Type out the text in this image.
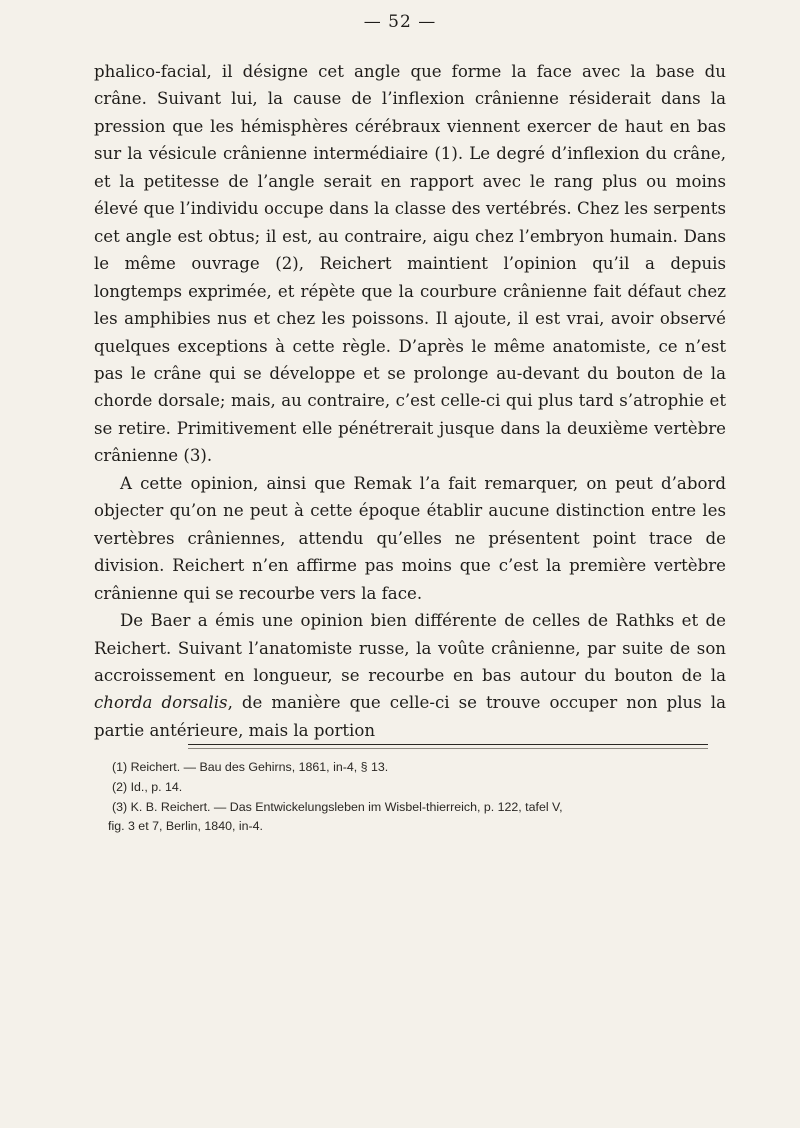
— 52 —

phalico-facial, il désigne cet angle que forme la face avec la base du crâne. Suivant lui, la cause de l’inflexion crânienne résiderait dans la pression que les hémisphères cérébraux viennent exercer de haut en bas sur la vésicule crânienne intermédiaire (1). Le degré d’inflexion du crâne, et la petitesse de l’angle serait en rapport avec le rang plus ou moins élevé que l’individu occupe dans la classe des vertébrés. Chez les serpents cet angle est obtus; il est, au contraire, aigu chez l’embryon humain. Dans le même ouvrage (2), Reichert maintient l’opinion qu’il a depuis longtemps exprimée, et répète que la courbure crânienne fait défaut chez les amphibies nus et chez les poissons. Il ajoute, il est vrai, avoir observé quelques exceptions à cette règle. D’après le même anatomiste, ce n’est pas le crâne qui se développe et se prolonge au-devant du bouton de la chorde dorsale; mais, au contraire, c’est celle-ci qui plus tard s’atrophie et se retire. Primitivement elle pénétrerait jusque dans la deuxième vertèbre crânienne (3).

A cette opinion, ainsi que Remak l’a fait remarquer, on peut d’abord objecter qu’on ne peut à cette époque établir aucune distinction entre les vertèbres crâniennes, attendu qu’elles ne présentent point trace de division. Reichert n’en affirme pas moins que c’est la première vertèbre crânienne qui se recourbe vers la face.

De Baer a émis une opinion bien différente de celles de Rathks et de Reichert. Suivant l’anatomiste russe, la voûte crânienne, par suite de son accroissement en longueur, se recourbe en bas autour du bouton de la chorda dorsalis, de manière que celle-ci se trouve occuper non plus la partie antérieure, mais la portion

(1) Reichert. — Bau des Gehirns, 1861, in-4, § 13.

(2) Id., p. 14.

(3) K. B. Reichert. — Das Entwickelungsleben im Wisbel-thierreich, p. 122, tafel V,

fig. 3 et 7, Berlin, 1840, in-4.
